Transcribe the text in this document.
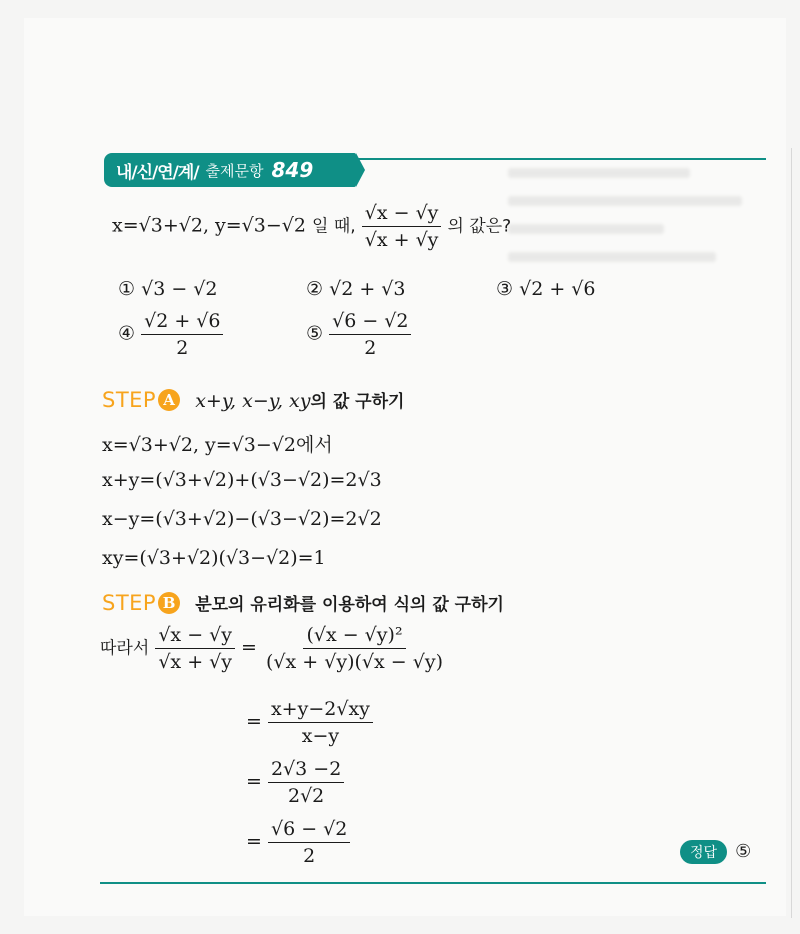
내/신/연/계/ 출제문항 849
x=√3+√2, y=√3−√2 일 때, $\frac{√x - √y}{√x + √y}$ 의 값은?
① √3 − √2	② √2 + √3	③ √2 + √6
④ $\frac{√2 + √6}{2}$	⑤ $\frac{√6 - √2}{2}$
STEP A x+y, x−y, xy의 값 구하기
x=√3+√2, y=√3−√2에서
x+y=(√3+√2)+(√3−√2)=2√3
x−y=(√3+√2)−(√3−√2)=2√2
xy=(√3+√2)(√3−√2)=1
STEP B 분모의 유리화를 이용하여 식의 값 구하기
따라서 $\frac{√x - √y}{√x + √y} = \frac{\text{(√x − √y)²}}{(√x + √y)(√x - √y)}$
= $\frac{x+y-2√xy}{x-y}$
= $\frac{2√3 -2}{2√2}$
= $\frac{√6 - √2}{2}$	정답 ⑤
